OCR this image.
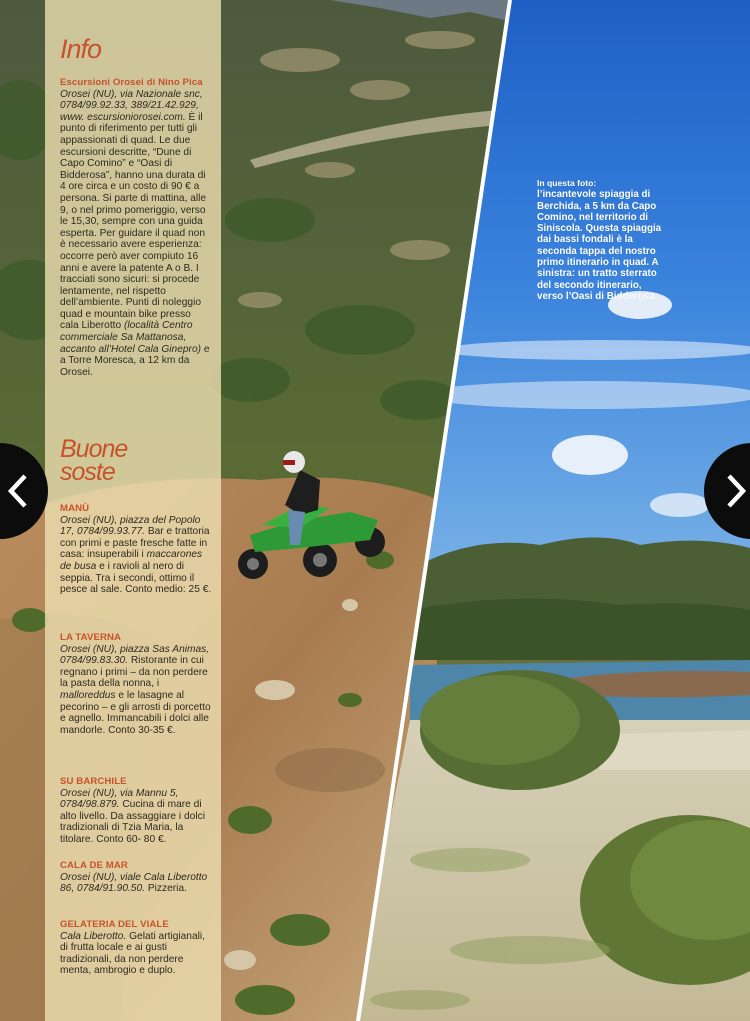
Info
Escursioni Orosei di Nino Pica

Orosei (NU), via Nazionale snc, 0784/99.92.33, 389/21.42.929, www. escursioniorosei.com. È il punto di riferimento per tutti gli appassionati di quad. Le due escursioni descritte, “Dune di Capo Comino” e “Oasi di Bidderosa”, hanno una durata di 4 ore circa e un costo di 90 € a persona. Si parte di mattina, alle 9, o nel primo pomeriggio, verso le 15,30, sempre con una guida esperta. Per guidare il quad non è necessario avere esperienza: occorre però aver compiuto 16 anni e avere la patente A o B. I tracciati sono sicuri: si procede lentamente, nel rispetto dell’ambiente. Punti di noleggio quad e mountain bike presso cala Liberotto (località Centro commerciale Sa Mattanosa, accanto all’Hotel Cala Ginepro) e a Torre Moresca, a 12 km da Orosei.

Buone
soste
MANÙ

Orosei (NU), piazza del Popolo 17, 0784/99.93.77. Bar e trattoria con primi e paste fresche fatte in casa: insuperabili i maccarones de busa e i ravioli al nero di seppia. Tra i secondi, ottimo il pesce al sale. Conto medio: 25 €.

LA TAVERNA

Orosei (NU), piazza Sas Animas, 0784/99.83.30. Ristorante in cui regnano i primi – da non perdere la pasta della nonna, i malloreddus e le lasagne al pecorino – e gli arrosti di porcetto e agnello. Immancabili i dolci alle mandorle. Conto 30-35 €.

SU BARCHILE

Orosei (NU), via Mannu 5, 0784/98.879. Cucina di mare di alto livello. Da assaggiare i dolci tradizionali di Tzia Maria, la titolare. Conto 60- 80 €.

CALA DE MAR

Orosei (NU), viale Cala Liberotto 86, 0784/91.90.50. Pizzeria.

GELATERIA DEL VIALE

Cala Liberotto. Gelati artigianali, di frutta locale e ai gusti tradizionali, da non perdere menta, ambrogio e duplo.

In questa foto:
l’incantevole spiaggia di Berchida, a 5 km da Capo Comino, nel territorio di Siniscola. Questa spiaggia dai bassi fondali è la seconda tappa del nostro primo itinerario in quad. A sinistra: un tratto sterrato del secondo itinerario, verso l’Oasi di Bidderosa.
